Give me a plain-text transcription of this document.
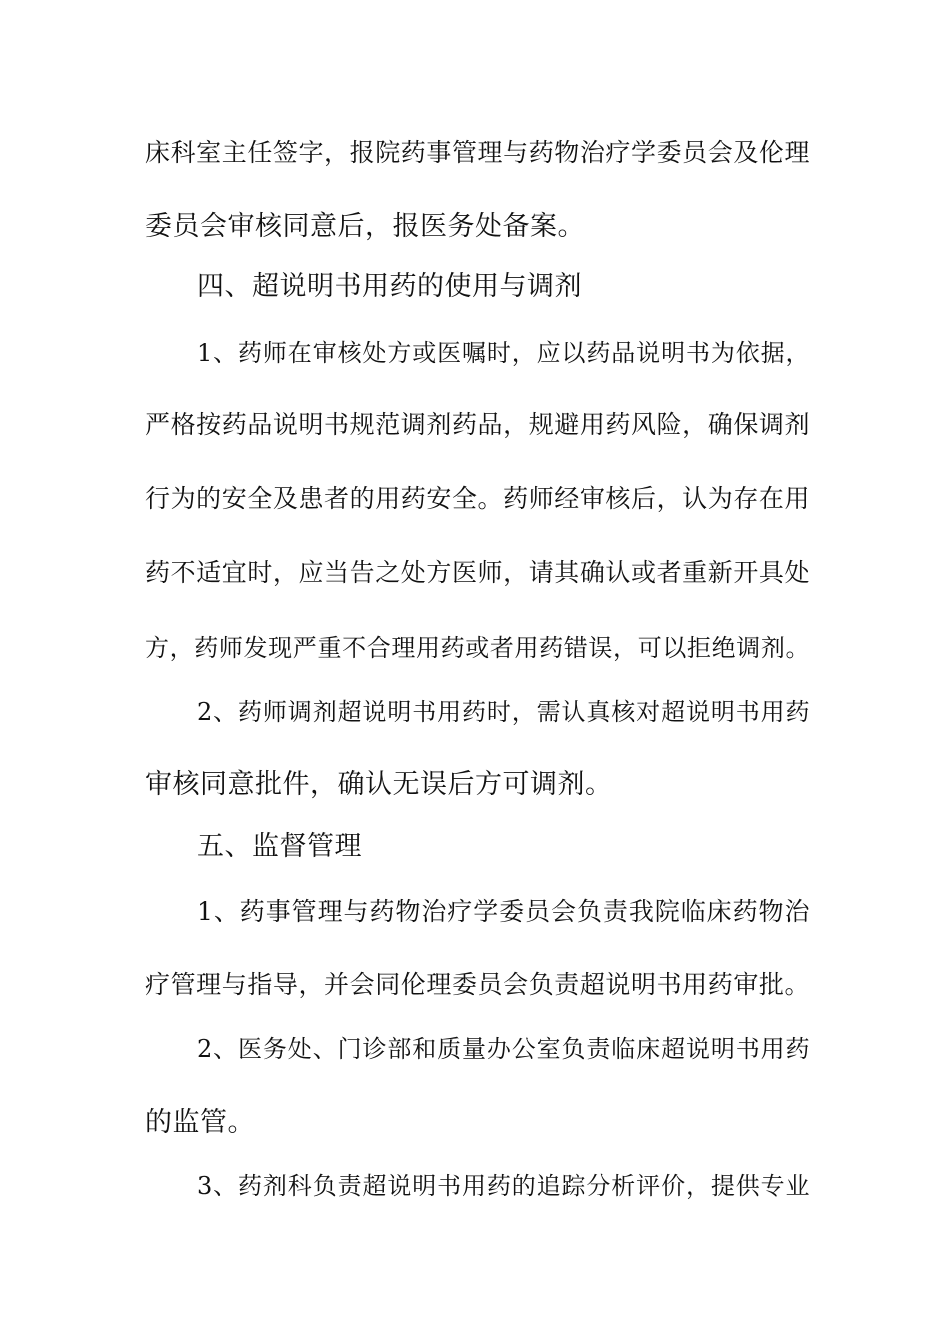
床科室主任签字，报院药事管理与药物治疗学委员会及伦理
委员会审核同意后，报医务处备案。
四、超说明书用药的使用与调剂
1、药师在审核处方或医嘱时，应以药品说明书为依据，
严格按药品说明书规范调剂药品，规避用药风险，确保调剂
行为的安全及患者的用药安全。药师经审核后，认为存在用
药不适宜时，应当告之处方医师，请其确认或者重新开具处
方，药师发现严重不合理用药或者用药错误，可以拒绝调剂。
2、药师调剂超说明书用药时，需认真核对超说明书用药
审核同意批件，确认无误后方可调剂。
五、监督管理
1、药事管理与药物治疗学委员会负责我院临床药物治
疗管理与指导，并会同伦理委员会负责超说明书用药审批。
2、医务处、门诊部和质量办公室负责临床超说明书用药
的监管。
3、药剂科负责超说明书用药的追踪分析评价，提供专业
